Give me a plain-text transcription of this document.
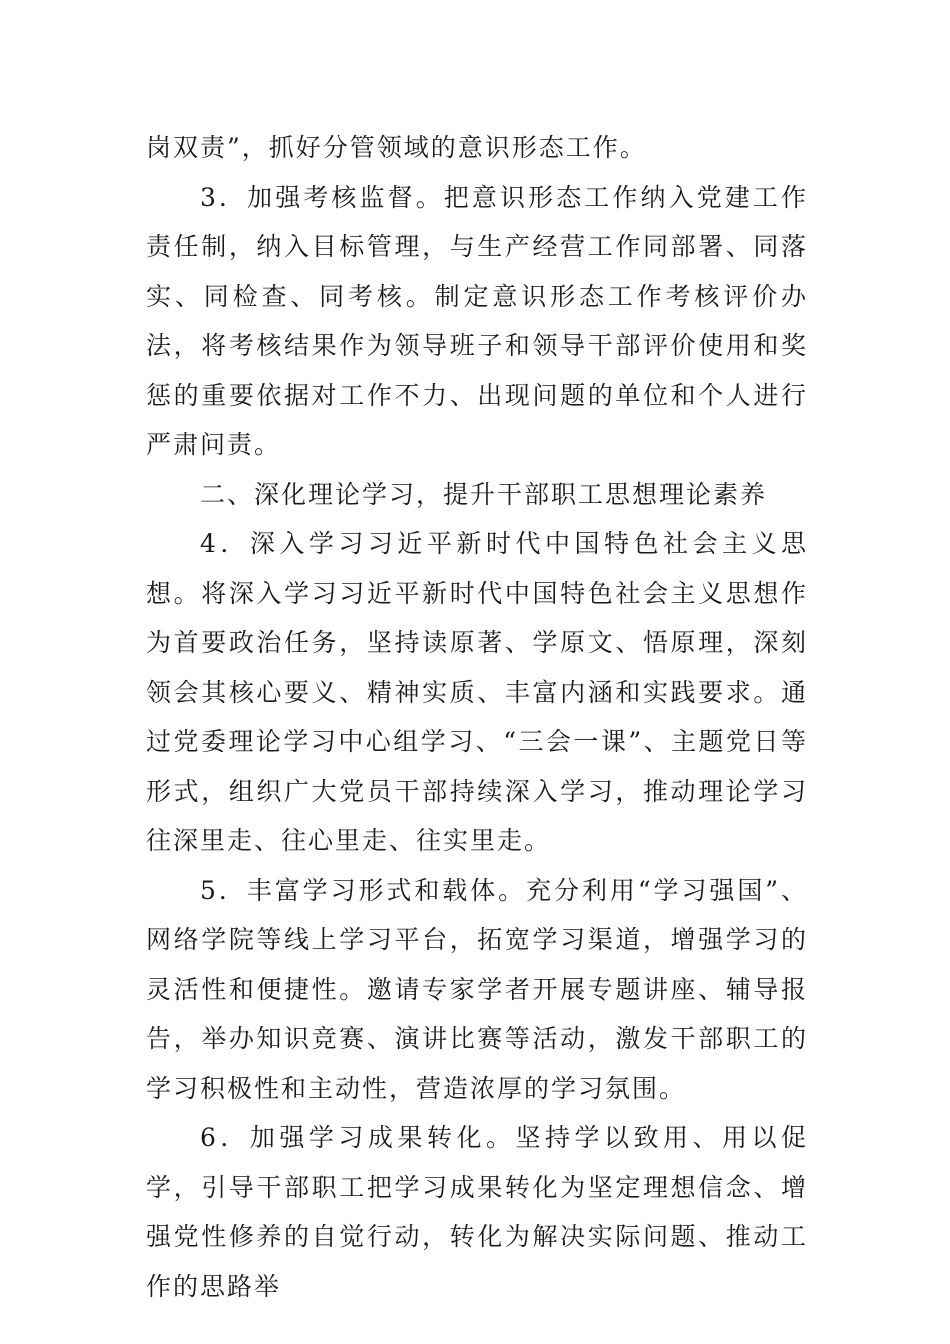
岗双责”，抓好分管领域的意识形态工作。

3．加强考核监督。把意识形态工作纳入党建工作责任制，纳入目标管理，与生产经营工作同部署、同落实、同检查、同考核。制定意识形态工作考核评价办法，将考核结果作为领导班子和领导干部评价使用和奖惩的重要依据对工作不力、出现问题的单位和个人进行严肃问责。

二、深化理论学习，提升干部职工思想理论素养

4．深入学习习近平新时代中国特色社会主义思想。将深入学习习近平新时代中国特色社会主义思想作为首要政治任务，坚持读原著、学原文、悟原理，深刻领会其核心要义、精神实质、丰富内涵和实践要求。通过党委理论学习中心组学习、“三会一课”、主题党日等形式，组织广大党员干部持续深入学习，推动理论学习往深里走、往心里走、往实里走。

5．丰富学习形式和载体。充分利用“学习强国”、网络学院等线上学习平台，拓宽学习渠道，增强学习的灵活性和便捷性。邀请专家学者开展专题讲座、辅导报告，举办知识竞赛、演讲比赛等活动，激发干部职工的学习积极性和主动性，营造浓厚的学习氛围。

6．加强学习成果转化。坚持学以致用、用以促学，引导干部职工把学习成果转化为坚定理想信念、增强党性修养的自觉行动，转化为解决实际问题、推动工作的思路举
